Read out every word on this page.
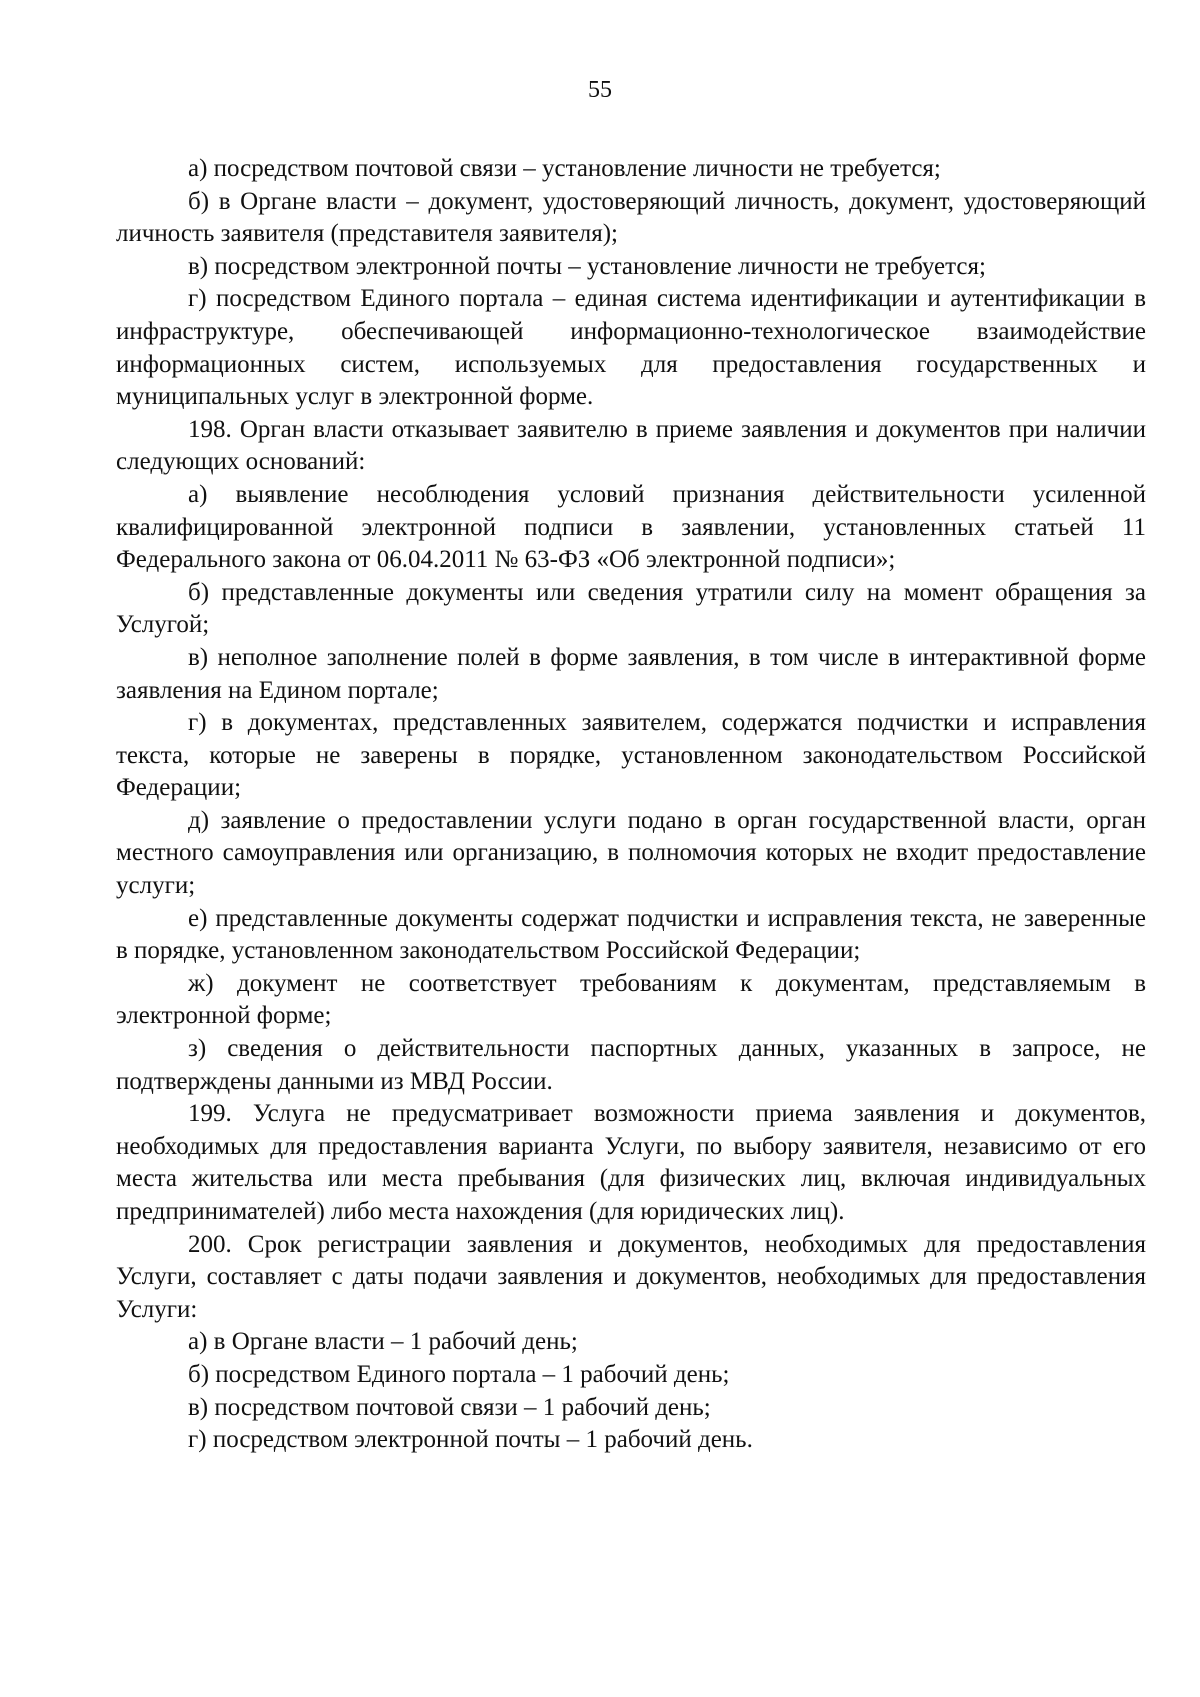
55

а) посредством почтовой связи – установление личности не требуется;

б) в Органе власти – документ, удостоверяющий личность, документ, удостоверяющий личность заявителя (представителя заявителя);

в) посредством электронной почты – установление личности не требуется;

г) посредством Единого портала – единая система идентификации и аутентификации в инфраструктуре, обеспечивающей информационно-технологическое взаимодействие информационных систем, используемых для предоставления государственных и муниципальных услуг в электронной форме.

198. Орган власти отказывает заявителю в приеме заявления и документов при наличии следующих оснований:

а) выявление несоблюдения условий признания действительности усиленной квалифицированной электронной подписи в заявлении, установленных статьей 11 Федерального закона от 06.04.2011 № 63-ФЗ «Об электронной подписи»;

б) представленные документы или сведения утратили силу на момент обращения за Услугой;

в) неполное заполнение полей в форме заявления, в том числе в интерактивной форме заявления на Едином портале;

г) в документах, представленных заявителем, содержатся подчистки и исправления текста, которые не заверены в порядке, установленном законодательством Российской Федерации;

д) заявление о предоставлении услуги подано в орган государственной власти, орган местного самоуправления или организацию, в полномочия которых не входит предоставление услуги;

е) представленные документы содержат подчистки и исправления текста, не заверенные в порядке, установленном законодательством Российской Федерации;

ж) документ не соответствует требованиям к документам, представляемым в электронной форме;

з) сведения о действительности паспортных данных, указанных в запросе, не подтверждены данными из МВД России.

199. Услуга не предусматривает возможности приема заявления и документов, необходимых для предоставления варианта Услуги, по выбору заявителя, независимо от его места жительства или места пребывания (для физических лиц, включая индивидуальных предпринимателей) либо места нахождения (для юридических лиц).

200. Срок регистрации заявления и документов, необходимых для предоставления Услуги, составляет с даты подачи заявления и документов, необходимых для предоставления Услуги:

а) в Органе власти – 1 рабочий день;

б) посредством Единого портала – 1 рабочий день;

в) посредством почтовой связи – 1 рабочий день;

г) посредством электронной почты – 1 рабочий день.
